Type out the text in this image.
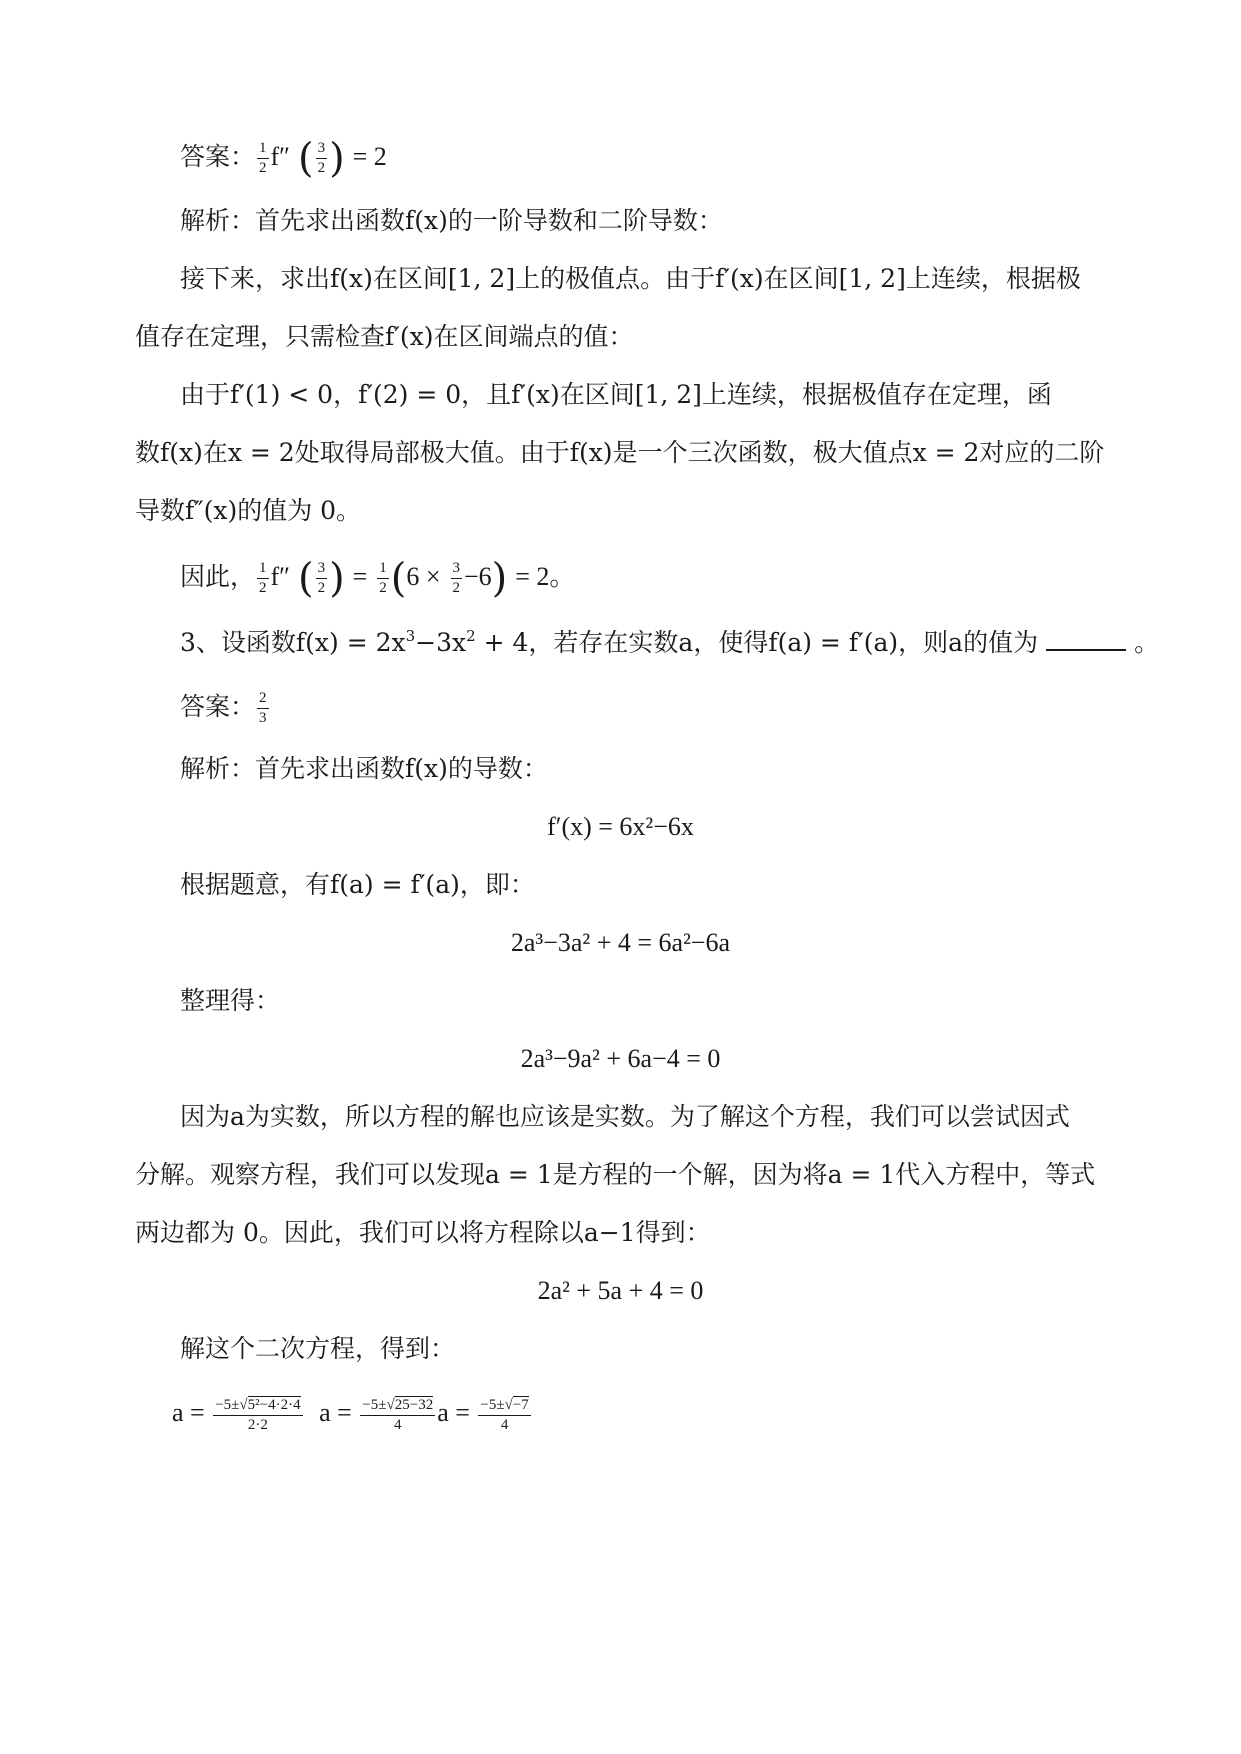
答案： $\frac{1}{2} f''$ ( $\frac{3}{2}$ ) = 2
解析：首先求出函数f(x)的一阶导数和二阶导数：
接下来，求出f(x)在区间[1, 2]上的极值点。由于f′(x)在区间[1, 2]上连续，根据极
值存在定理，只需检查f′(x)在区间端点的值：
由于f′(1) < 0，f′(2) = 0，且f′(x)在区间[1, 2]上连续，根据极值存在定理，函
数f(x)在x = 2处取得局部极大值。由于f(x)是一个三次函数，极大值点x = 2对应的二阶
导数f″(x)的值为 0。
因此， $\frac{1}{2} f''$ ( $\frac{3}{2}$ ) = $\frac{1}{2} (6 \times \frac{3}{2} -6) = 2$。
3、设函数$f(x) = 2x^3-3x^2 + 4$，若存在实数a，使得f(a) = f′(a)，则a的值为	。
答案： $\frac{2}{3}$
解析：首先求出函数f(x)的导数：
f′(x) = 6x²−6x
根据题意，有f(a) = f′(a)，即：
2a³−3a² + 4 = 6a²−6a
整理得：
2a³−9a² + 6a−4 = 0
因为a为实数，所以方程的解也应该是实数。为了解这个方程，我们可以尝试因式
分解。观察方程，我们可以发现a = 1是方程的一个解，因为将a = 1代入方程中，等式
两边都为 0。因此，我们可以将方程除以a−1得到：
2a² + 5a + 4 = 0
解这个二次方程，得到：
$a = \frac{\text{−5±√5²−4·2·4}}{2\cdot 2}$ $a = \frac{-5\pm√25-32}{4}$ $a = \frac{-5\pm√-7}{4}$
